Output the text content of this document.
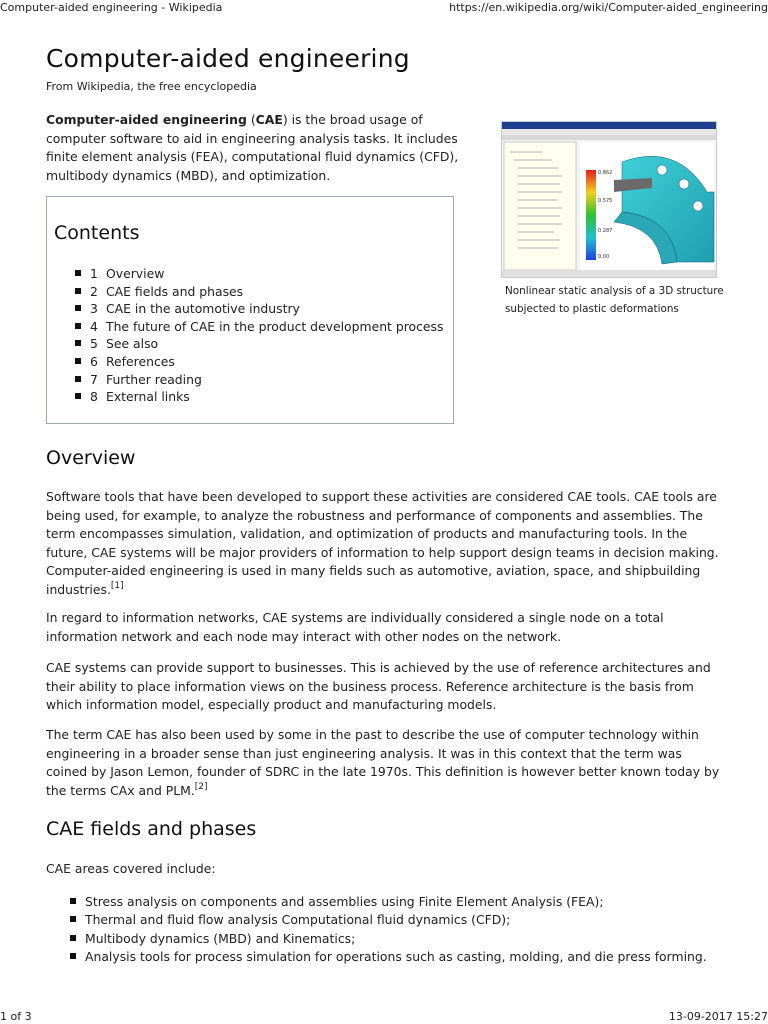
Computer-aided engineering - Wikipedia	https://en.wikipedia.org/wiki/Computer-aided_engineering
Computer-aided engineering
From Wikipedia, the free encyclopedia
Computer-aided engineering (CAE) is the broad usage of computer software to aid in engineering analysis tasks. It includes finite element analysis (FEA), computational fluid dynamics (CFD), multibody dynamics (MBD), and optimization.
Contents
1 Overview
2 CAE fields and phases
3 CAE in the automotive industry
4 The future of CAE in the product development process
5 See also
6 References
7 Further reading
8 External links
0.862
0.575
0.287
0.00
Nonlinear static analysis of a 3D structure subjected to plastic deformations
Overview
Software tools that have been developed to support these activities are considered CAE tools. CAE tools are being used, for example, to analyze the robustness and performance of components and assemblies. The term encompasses simulation, validation, and optimization of products and manufacturing tools. In the future, CAE systems will be major providers of information to help support design teams in decision making. Computer-aided engineering is used in many fields such as automotive, aviation, space, and shipbuilding industries.[1]
In regard to information networks, CAE systems are individually considered a single node on a total information network and each node may interact with other nodes on the network.
CAE systems can provide support to businesses. This is achieved by the use of reference architectures and their ability to place information views on the business process. Reference architecture is the basis from which information model, especially product and manufacturing models.
The term CAE has also been used by some in the past to describe the use of computer technology within engineering in a broader sense than just engineering analysis. It was in this context that the term was coined by Jason Lemon, founder of SDRC in the late 1970s. This definition is however better known today by the terms CAx and PLM.[2]
CAE fields and phases
CAE areas covered include:
Stress analysis on components and assemblies using Finite Element Analysis (FEA);
Thermal and fluid flow analysis Computational fluid dynamics (CFD);
Multibody dynamics (MBD) and Kinematics;
Analysis tools for process simulation for operations such as casting, molding, and die press forming.
1 of 3	13-09-2017 15:27
